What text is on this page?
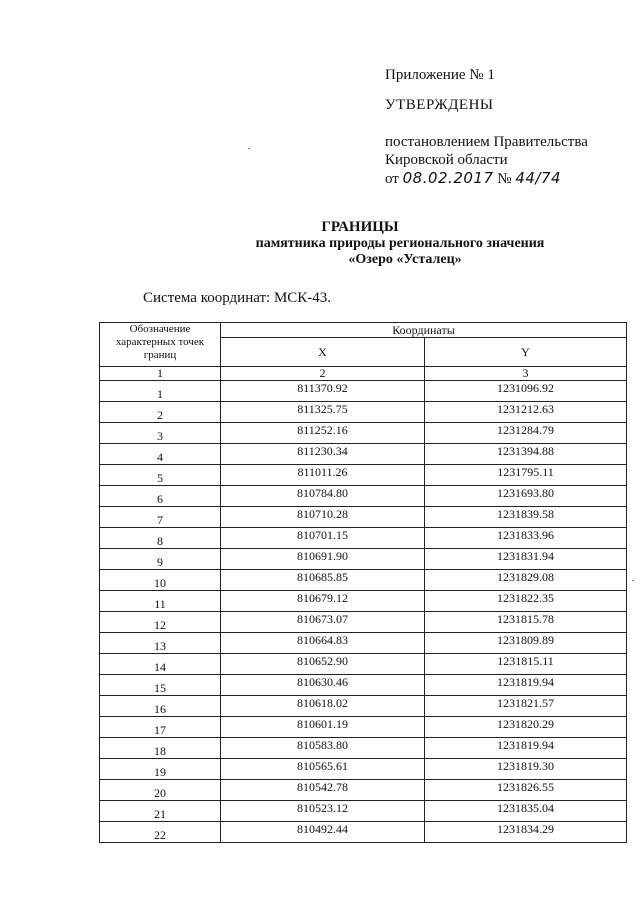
Приложение № 1
УТВЕРЖДЕНЫ
постановлением Правительства
Кировской области
от 08.02.2017 № 44/74
ГРАНИЦЫ
памятника природы регионального значения
«Озеро «Усталец»
Система координат: МСК-43.
Обозначение характерных точек границ	Координаты	
	X	Y
1	2	3
1	811370.92	1231096.92
2	811325.75	1231212.63
3	811252.16	1231284.79
4	811230.34	1231394.88
5	811011.26	1231795.11
6	810784.80	1231693.80
7	810710.28	1231839.58
8	810701.15	1231833.96
9	810691.90	1231831.94
10	810685.85	1231829.08
11	810679.12	1231822.35
12	810673.07	1231815.78
13	810664.83	1231809.89
14	810652.90	1231815.11
15	810630.46	1231819.94
16	810618.02	1231821.57
17	810601.19	1231820.29
18	810583.80	1231819.94
19	810565.61	1231819.30
20	810542.78	1231826.55
21	810523.12	1231835.04
22	810492.44	1231834.29
